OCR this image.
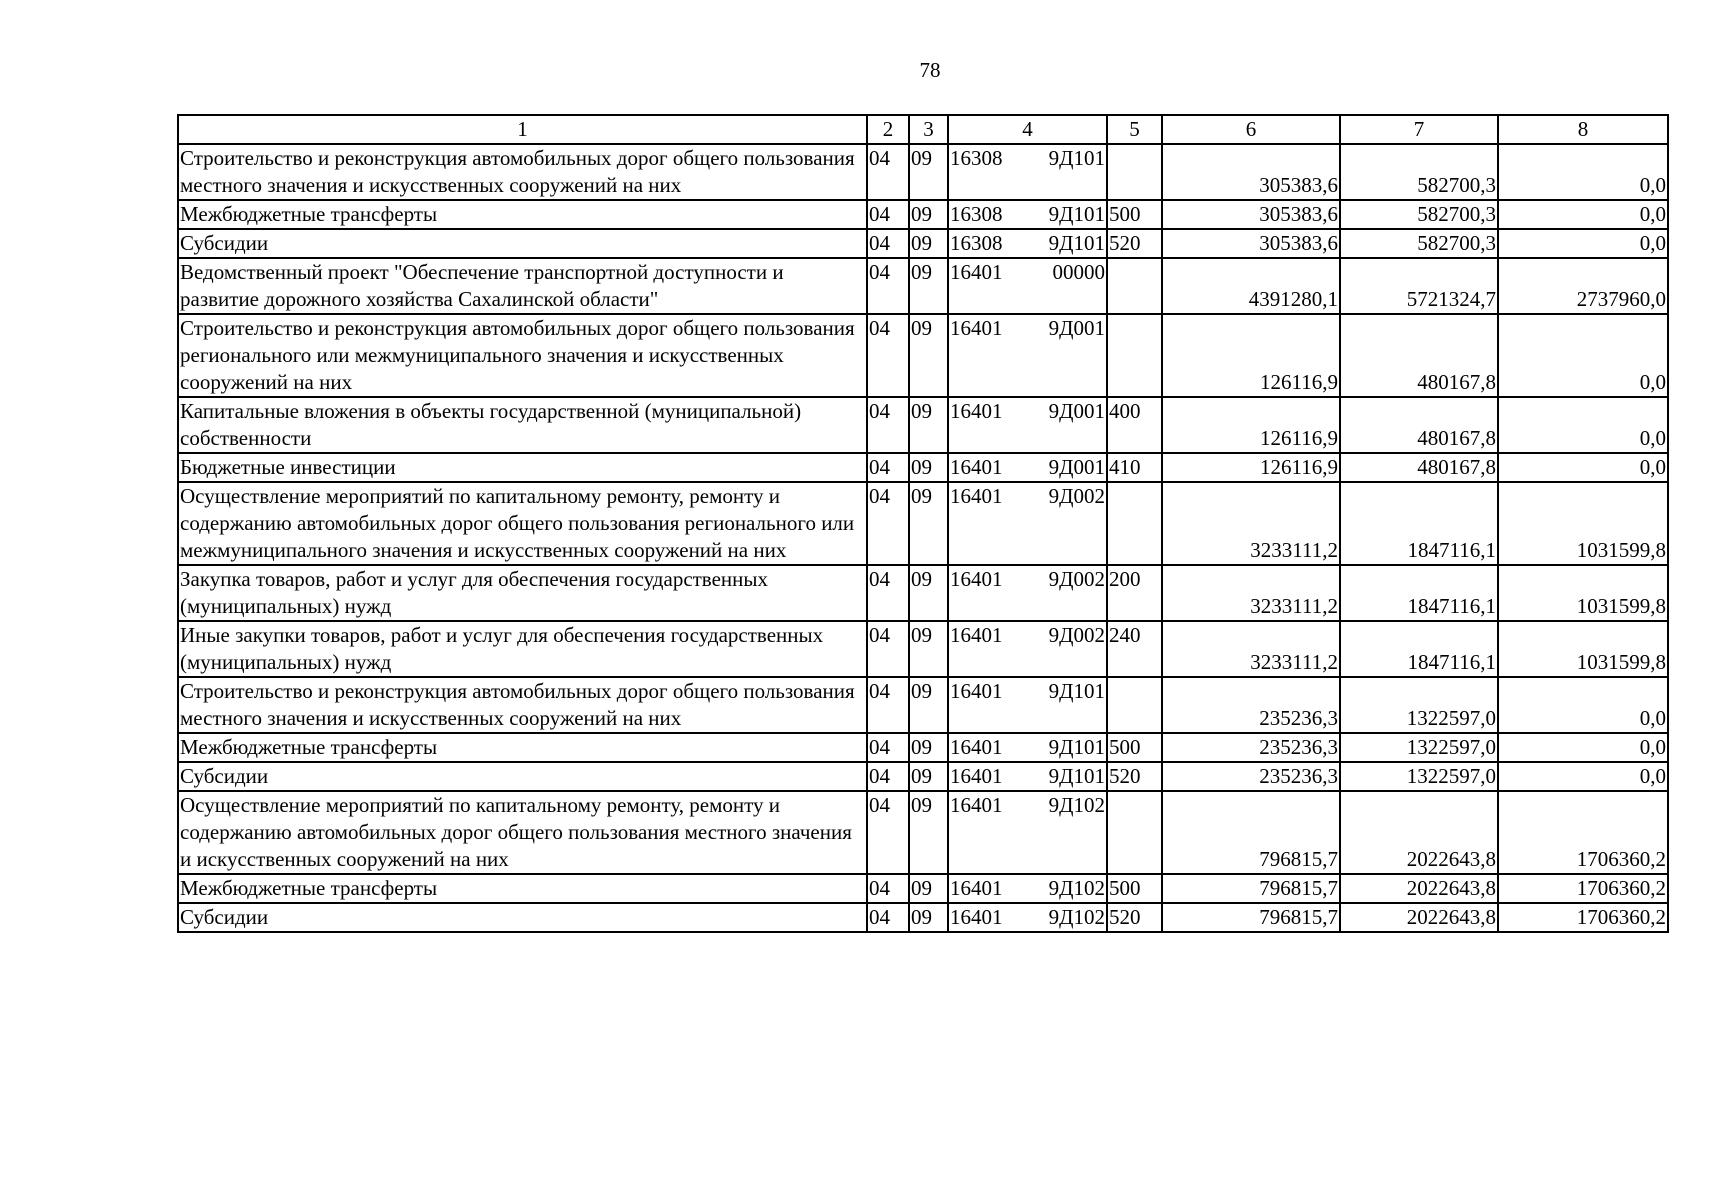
78
1	2	3	4		5	6	7	8
Строительство и реконструкция автомобильных дорог общего пользования местного значения и искусственных сооружений на них	04	09	16308	9Д101		305383,6	582700,3	0,0
Межбюджетные трансферты	04	09	16308	9Д101	500	305383,6	582700,3	0,0
Субсидии	04	09	16308	9Д101	520	305383,6	582700,3	0,0
Ведомственный проект "Обеспечение транспортной доступности и развитие дорожного хозяйства Сахалинской области"	04	09	16401	00000		4391280,1	5721324,7	2737960,0
Строительство и реконструкция автомобильных дорог общего пользования регионального или межмуниципального значения и искусственных сооружений на них	04	09	16401	9Д001		126116,9	480167,8	0,0
Капитальные вложения в объекты государственной (муниципальной) собственности	04	09	16401	9Д001	400	126116,9	480167,8	0,0
Бюджетные инвестиции	04	09	16401	9Д001	410	126116,9	480167,8	0,0
Осуществление мероприятий по капитальному ремонту, ремонту и содержанию автомобильных дорог общего пользования регионального или межмуниципального значения и искусственных сооружений на них	04	09	16401	9Д002		3233111,2	1847116,1	1031599,8
Закупка товаров, работ и услуг для обеспечения государственных (муниципальных) нужд	04	09	16401	9Д002	200	3233111,2	1847116,1	1031599,8
Иные закупки товаров, работ и услуг для обеспечения государственных (муниципальных) нужд	04	09	16401	9Д002	240	3233111,2	1847116,1	1031599,8
Строительство и реконструкция автомобильных дорог общего пользования местного значения и искусственных сооружений на них	04	09	16401	9Д101		235236,3	1322597,0	0,0
Межбюджетные трансферты	04	09	16401	9Д101	500	235236,3	1322597,0	0,0
Субсидии	04	09	16401	9Д101	520	235236,3	1322597,0	0,0
Осуществление мероприятий по капитальному ремонту, ремонту и содержанию автомобильных дорог общего пользования местного значения и искусственных сооружений на них	04	09	16401	9Д102		796815,7	2022643,8	1706360,2
Межбюджетные трансферты	04	09	16401	9Д102	500	796815,7	2022643,8	1706360,2
Субсидии	04	09	16401	9Д102	520	796815,7	2022643,8	1706360,2
